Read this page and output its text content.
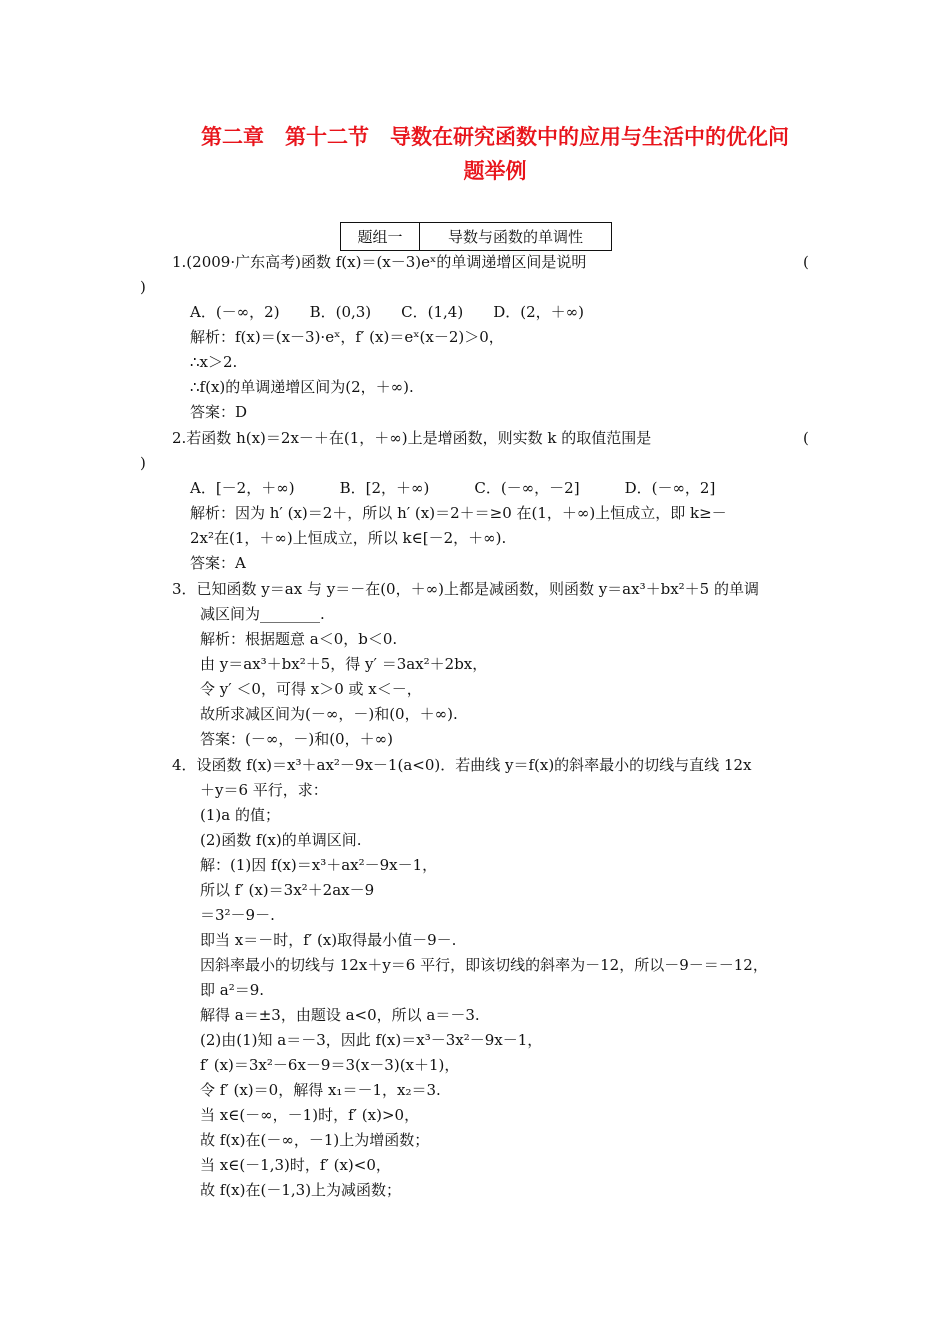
第二章　第十二节　导数在研究函数中的应用与生活中的优化问
题举例
题组一	导数与函数的单调性
1.(2009·广东高考)函数 f(x)＝(x－3)eˣ的单调递增区间是说明
A．(－∞，2)　　B．(0,3)　　C．(1,4)　　D．(2，＋∞)
解析：f(x)＝(x－3)·eˣ，f′ (x)＝eˣ(x－2)＞0，
∴x＞2.
∴f(x)的单调递增区间为(2，＋∞).
答案：D
2.若函数 h(x)＝2x－＋在(1，＋∞)上是增函数，则实数 k 的取值范围是
A．[－2，＋∞)　　　B．[2，＋∞)　　　C．(－∞，－2]　　　D．(－∞，2]
解析：因为 h′ (x)＝2＋，所以 h′ (x)＝2＋＝≥0 在(1，＋∞)上恒成立，即 k≥－
2x²在(1，＋∞)上恒成立，所以 k∈[－2，＋∞).
答案：A
3．已知函数 y＝ax 与 y＝－在(0，＋∞)上都是减函数，则函数 y＝ax³＋bx²＋5 的单调
减区间为________.
解析：根据题意 a＜0，b＜0.
由 y＝ax³＋bx²＋5，得 y′ ＝3ax²＋2bx，
令 y′ ＜0，可得 x＞0 或 x＜－，
故所求减区间为(－∞，－)和(0，＋∞).
答案：(－∞，－)和(0，＋∞)
4．设函数 f(x)＝x³＋ax²－9x－1(a<0)．若曲线 y＝f(x)的斜率最小的切线与直线 12x
＋y＝6 平行，求：
(1)a 的值；
(2)函数 f(x)的单调区间.
解：(1)因 f(x)＝x³＋ax²－9x－1，
所以 f′ (x)＝3x²＋2ax－9
＝3²－9－.
即当 x＝－时，f′ (x)取得最小值－9－.
因斜率最小的切线与 12x＋y＝6 平行，即该切线的斜率为－12，所以－9－＝－12，
即 a²＝9.
解得 a＝±3，由题设 a<0，所以 a＝－3.
(2)由(1)知 a＝－3，因此 f(x)＝x³－3x²－9x－1，
f′ (x)＝3x²－6x－9＝3(x－3)(x＋1)，
令 f′ (x)＝0，解得 x₁＝－1，x₂＝3.
当 x∈(－∞，－1)时，f′ (x)>0，
故 f(x)在(－∞，－1)上为增函数；
当 x∈(－1,3)时，f′ (x)<0，
故 f(x)在(－1,3)上为减函数；
(
)
(
)
